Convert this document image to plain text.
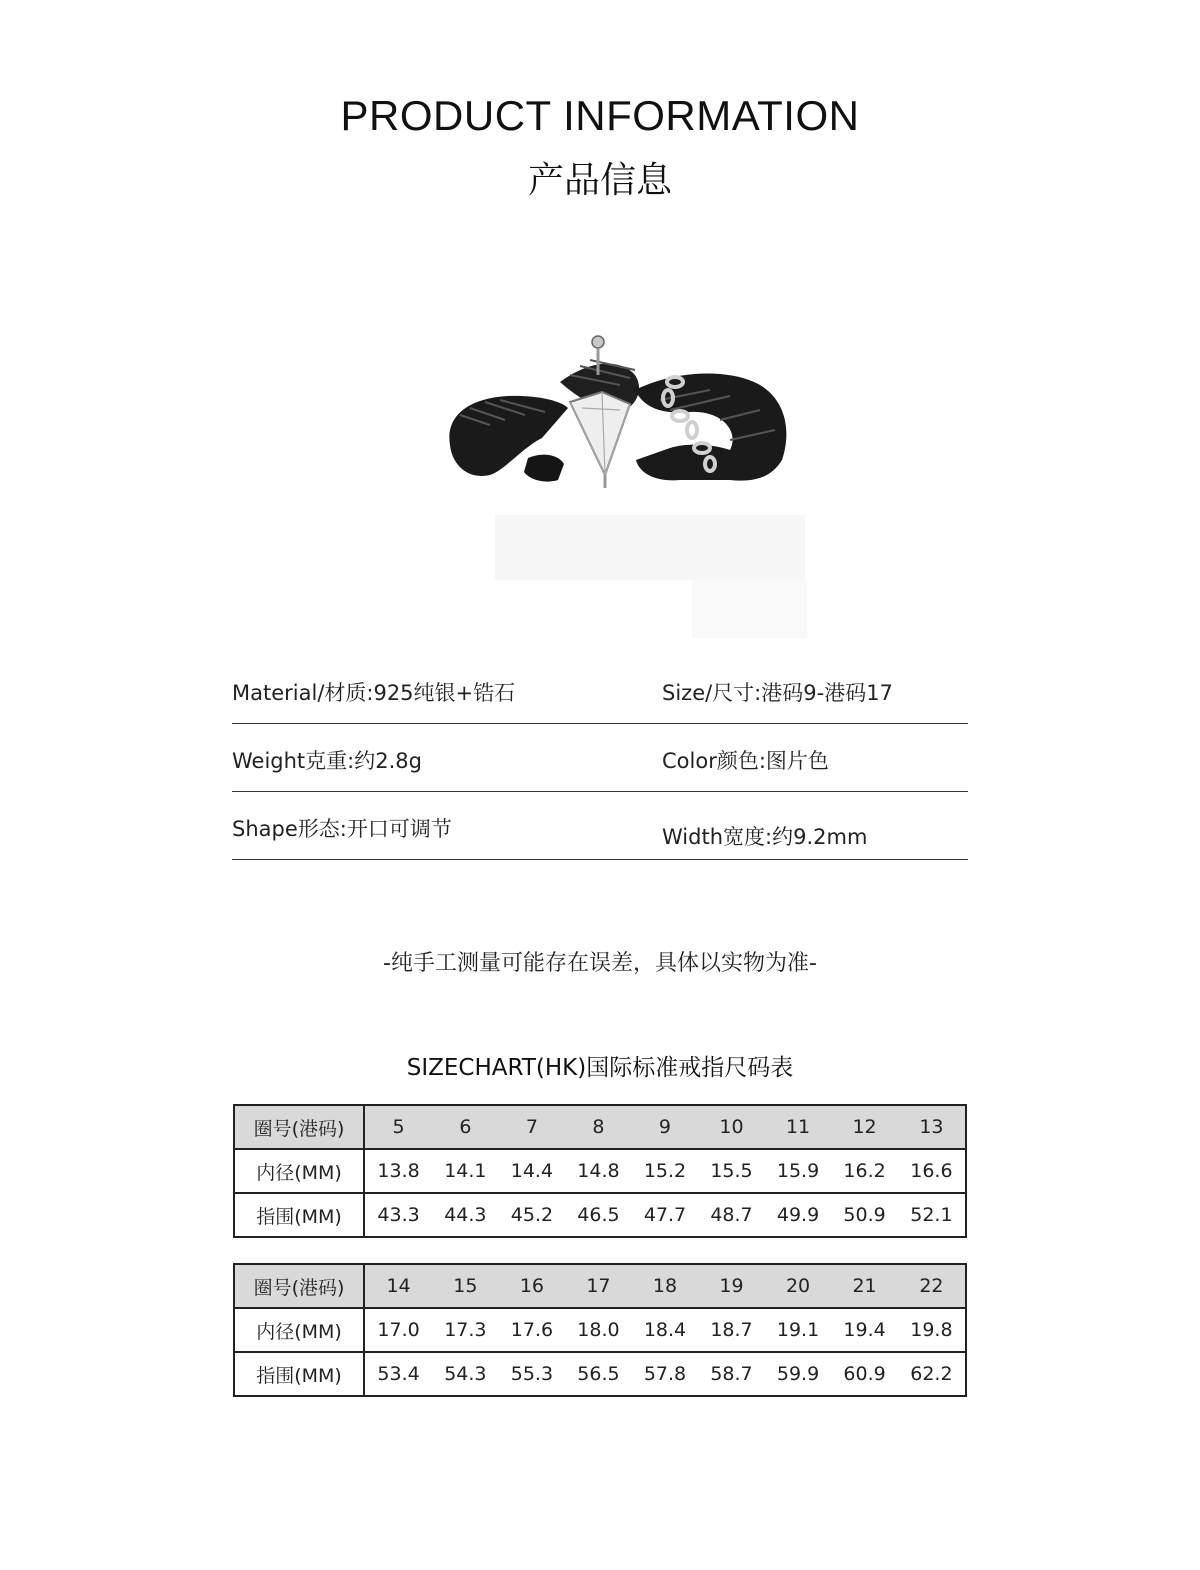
PRODUCT INFORMATION
产品信息
Material/材质:925纯银+锆石	Size/尺寸:港码9-港码17
Weight克重:约2.8g	Color颜色:图片色
Shape形态:开口可调节	Width宽度:约9.2mm
-纯手工测量可能存在误差，具体以实物为准-
SIZECHART(HK)国际标准戒指尺码表
圈号(港码)	5	6	7	8	9	10	11	12	13
内径(MM)	13.8	14.1	14.4	14.8	15.2	15.5	15.9	16.2	16.6
指围(MM)	43.3	44.3	45.2	46.5	47.7	48.7	49.9	50.9	52.1
圈号(港码)	14	15	16	17	18	19	20	21	22
内径(MM)	17.0	17.3	17.6	18.0	18.4	18.7	19.1	19.4	19.8
指围(MM)	53.4	54.3	55.3	56.5	57.8	58.7	59.9	60.9	62.2
